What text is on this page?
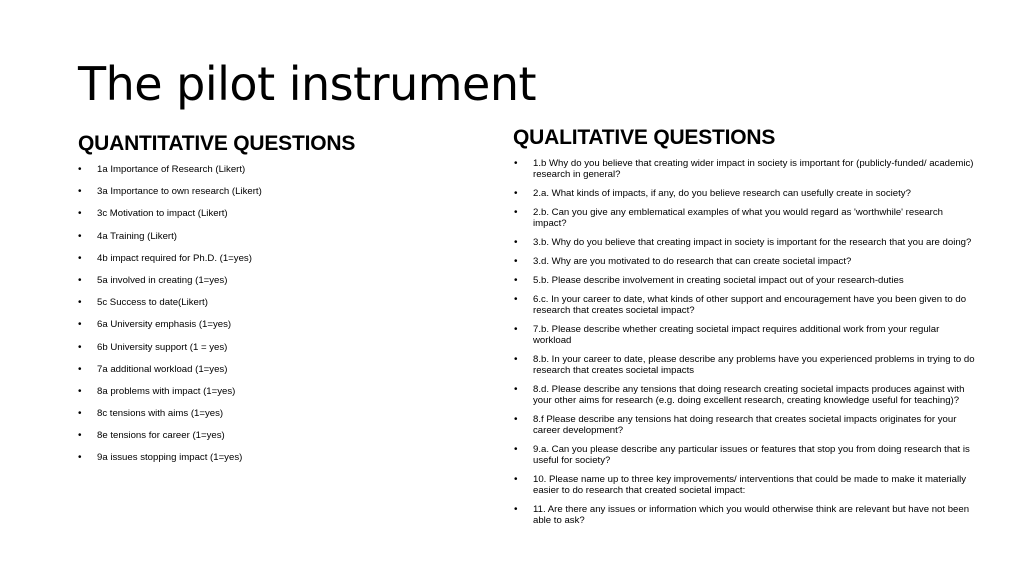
The pilot instrument
QUANTITATIVE QUESTIONS
• 1a Importance of Research (Likert)
• 3a Importance to own research (Likert)
• 3c Motivation to impact (Likert)
• 4a Training (Likert)
• 4b impact required for Ph.D. (1=yes)
• 5a involved in creating (1=yes)
• 5c Success to date(Likert)
• 6a University emphasis (1=yes)
• 6b University support (1 = yes)
• 7a additional workload (1=yes)
• 8a problems with impact (1=yes)
• 8c tensions with aims (1=yes)
• 8e tensions for career (1=yes)
• 9a issues stopping impact (1=yes)
QUALITATIVE QUESTIONS
• 1.b Why do you believe that creating wider impact in society is important for (publicly-funded/ academic) research in general?
• 2.a. What kinds of impacts, if any, do you believe research can usefully create in society?
• 2.b. Can you give any emblematical examples of what you would regard as 'worthwhile' research impact?
• 3.b. Why do you believe that creating impact in society is important for the research that you are doing?
• 3.d. Why are you motivated to do research that can create societal impact?
• 5.b. Please describe involvement in creating societal impact out of your research-duties
• 6.c. In your career to date, what kinds of other support and encouragement have you been given to do research that creates societal impact?
• 7.b. Please describe whether creating societal impact requires additional work from your regular workload
• 8.b. In your career to date, please describe any problems have you experienced problems in trying to do research that creates societal impacts
• 8.d. Please describe any tensions that doing research creating societal impacts produces against with your other aims for research (e.g. doing excellent research, creating knowledge useful for teaching)?
• 8.f Please describe any tensions hat doing research that creates societal impacts originates for your career development?
• 9.a. Can you please describe any particular issues or features that stop you from doing research that is useful for society?
• 10. Please name up to three key improvements/ interventions that could be made to make it materially easier to do research that created societal impact:
• 11. Are there any issues or information which you would otherwise think are relevant but have not been able to ask?
